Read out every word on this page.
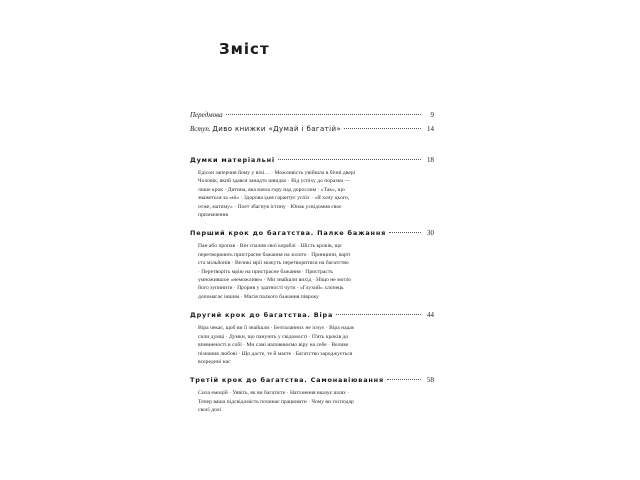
Зміст
Передмова	9
Вступ. Диво книжки «Думай і багатій»	14
Думки матеріальні	18
Едісон заперчив йому у вічі… · Можливість увійшла в бічні двері
Чоловік, який здався занадто швидко · Від успіху до поразки —
лише крок · Дитина, яка взяла гору над дорослим · «Так», що
зважеться за «ні» · Здорова ідея гарантує успіх · «Я хочу цього,
отже, матиму» · Поет збагнув істину · Юнак усвідомив своє
призначення
Перший крок до багатства. Палке бажання	30
Пан або пропав · Він спалив свої кораблі · Шість кроків, що
перетворюють пристрасне бажання на золото · Принципи, варті
ста мільйонів · Великі мрії можуть перетворитися на багатство
· Перетворіть мрію на пристрасне бажання · Пристрасть
умножившое «неможливе» · Ми знайшли вихід · Ніщо не могло
його зупинити · Прорив у здатності чути · «Глухий» хлопець
допомагає іншим · Магія палкого бажання півроку
Другий крок до багатства. Віра	44
Віра чекає, щоб ви її знайшли · Безталанних не існує · Віра надає
сили думці · Думки, що панують у свідомості · П'ять кроків до
впевненості в собі · Ми самі наповнюємо віру на себе · Велике
пізнання любові · Що дасте, те й маєте · Багатство зароджується
всередині нас
Третій крок до багатства. Самонавіювання	58
Сила емоцій · Уявіть, як ви багатієте · Натхнення вказує шлях ·
Тепер ваша підсвідомість починає працювати · Чому ви господар
своєї долі
